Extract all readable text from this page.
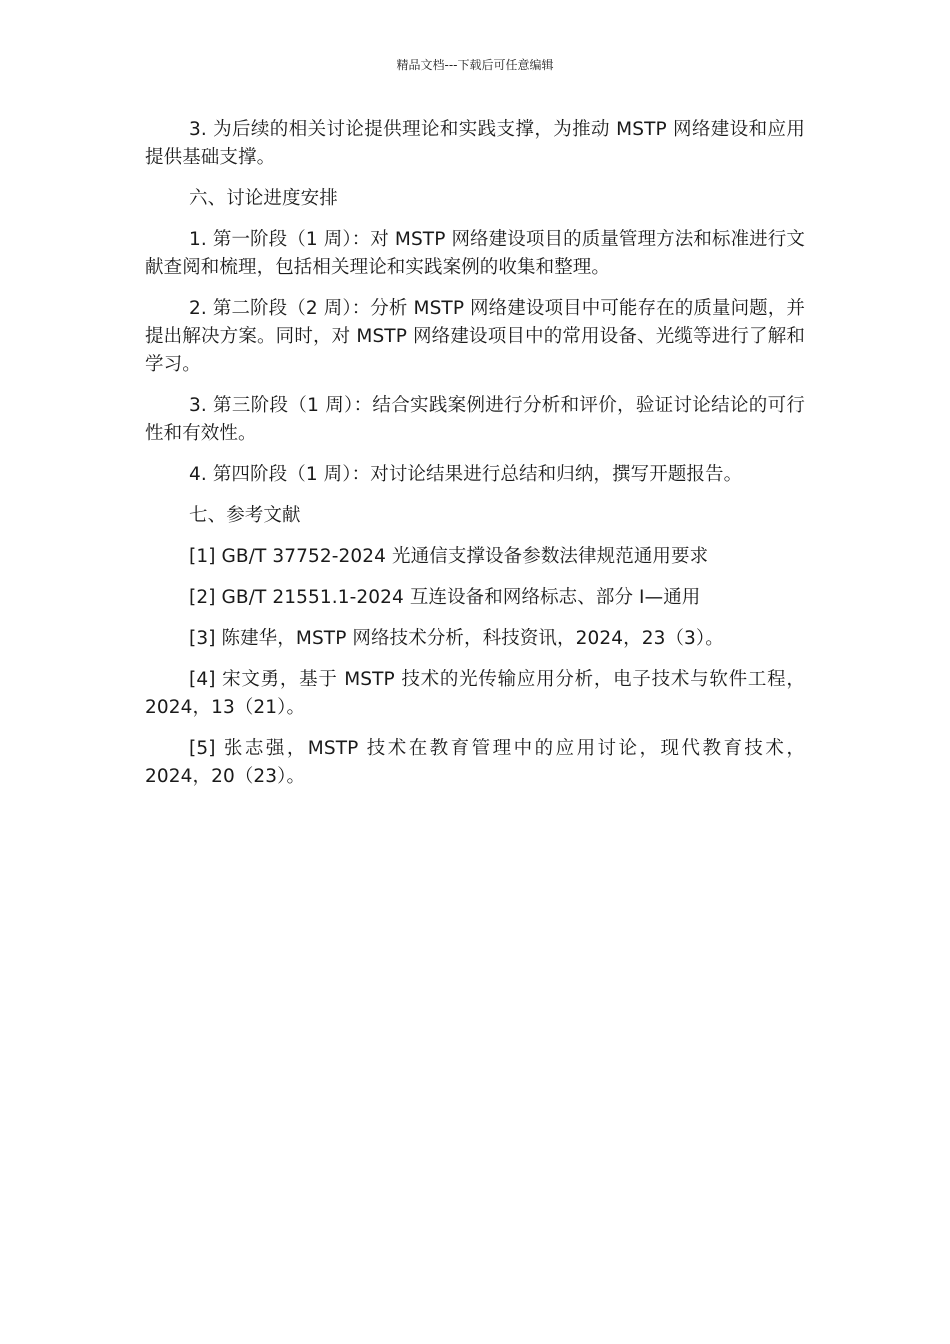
精品文档---下载后可任意编辑

3. 为后续的相关讨论提供理论和实践支撑，为推动 MSTP 网络建设和应用提供基础支撑。

六、讨论进度安排

1. 第一阶段（1 周）：对 MSTP 网络建设项目的质量管理方法和标准进行文献查阅和梳理，包括相关理论和实践案例的收集和整理。

2. 第二阶段（2 周）：分析 MSTP 网络建设项目中可能存在的质量问题，并提出解决方案。同时，对 MSTP 网络建设项目中的常用设备、光缆等进行了解和学习。

3. 第三阶段（1 周）：结合实践案例进行分析和评价，验证讨论结论的可行性和有效性。

4. 第四阶段（1 周）：对讨论结果进行总结和归纳，撰写开题报告。

七、参考文献

[1] GB/T 37752-2024 光通信支撑设备参数法律规范通用要求

[2] GB/T 21551.1-2024 互连设备和网络标志、部分 I—通用

[3] 陈建华，MSTP 网络技术分析，科技资讯，2024，23（3）。

[4] 宋文勇，基于 MSTP 技术的光传输应用分析，电子技术与软件工程，2024，13（21）。

[5] 张志强，MSTP 技术在教育管理中的应用讨论，现代教育技术，2024，20（23）。
